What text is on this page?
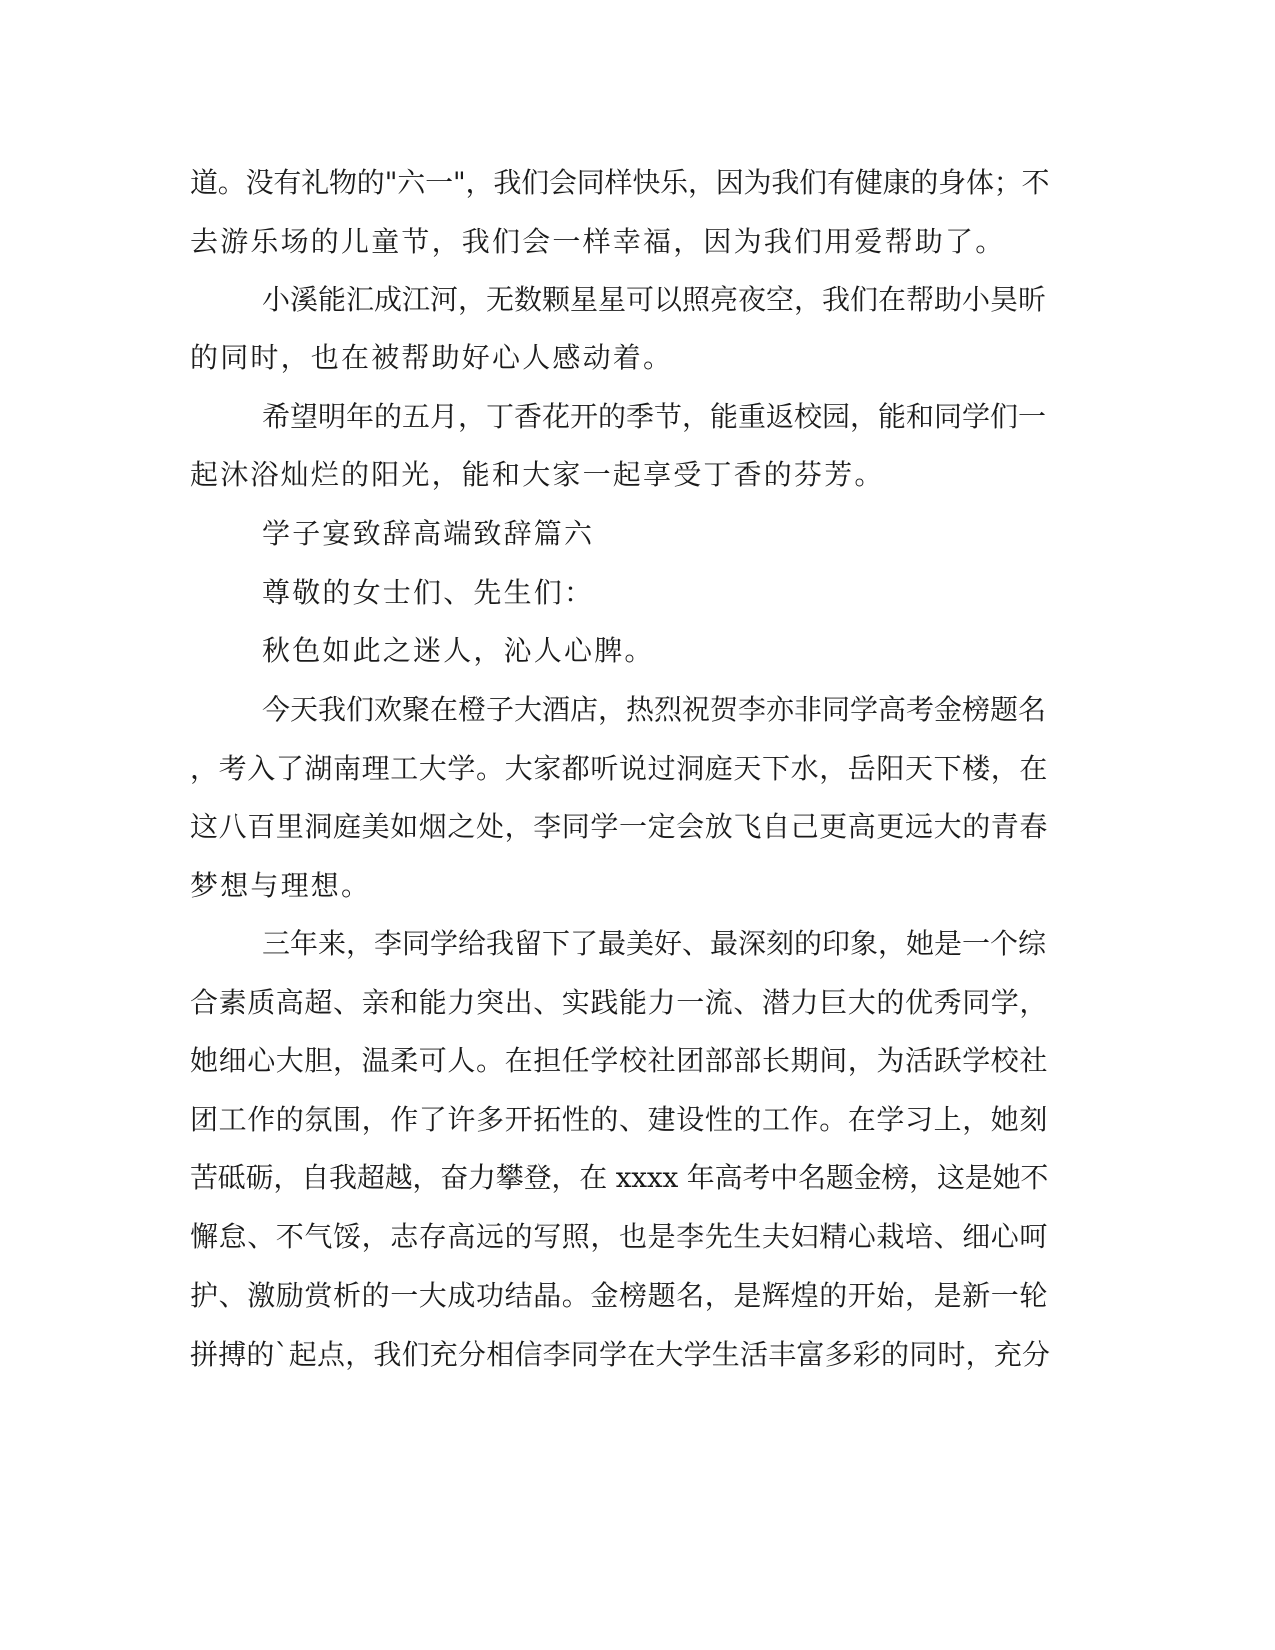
道。没有礼物的"六一"，我们会同样快乐，因为我们有健康的身体；不
去游乐场的儿童节，我们会一样幸福，因为我们用爱帮助了。
小溪能汇成江河，无数颗星星可以照亮夜空，我们在帮助小昊昕
的同时，也在被帮助好心人感动着。
希望明年的五月，丁香花开的季节，能重返校园，能和同学们一
起沐浴灿烂的阳光，能和大家一起享受丁香的芬芳。
学子宴致辞高端致辞篇六
尊敬的女士们、先生们：
秋色如此之迷人，沁人心脾。
今天我们欢聚在橙子大酒店，热烈祝贺李亦非同学高考金榜题名
，考入了湖南理工大学。大家都听说过洞庭天下水，岳阳天下楼，在
这八百里洞庭美如烟之处，李同学一定会放飞自己更高更远大的青春
梦想与理想。
三年来，李同学给我留下了最美好、最深刻的印象，她是一个综
合素质高超、亲和能力突出、实践能力一流、潜力巨大的优秀同学，
她细心大胆，温柔可人。在担任学校社团部部长期间，为活跃学校社
团工作的氛围，作了许多开拓性的、建设性的工作。在学习上，她刻
苦砥砺，自我超越，奋力攀登，在 xxxx 年高考中名题金榜，这是她不
懈怠、不气馁，志存高远的写照，也是李先生夫妇精心栽培、细心呵
护、激励赏析的一大成功结晶。金榜题名，是辉煌的开始，是新一轮
拼搏的`起点，我们充分相信李同学在大学生活丰富多彩的同时，充分
